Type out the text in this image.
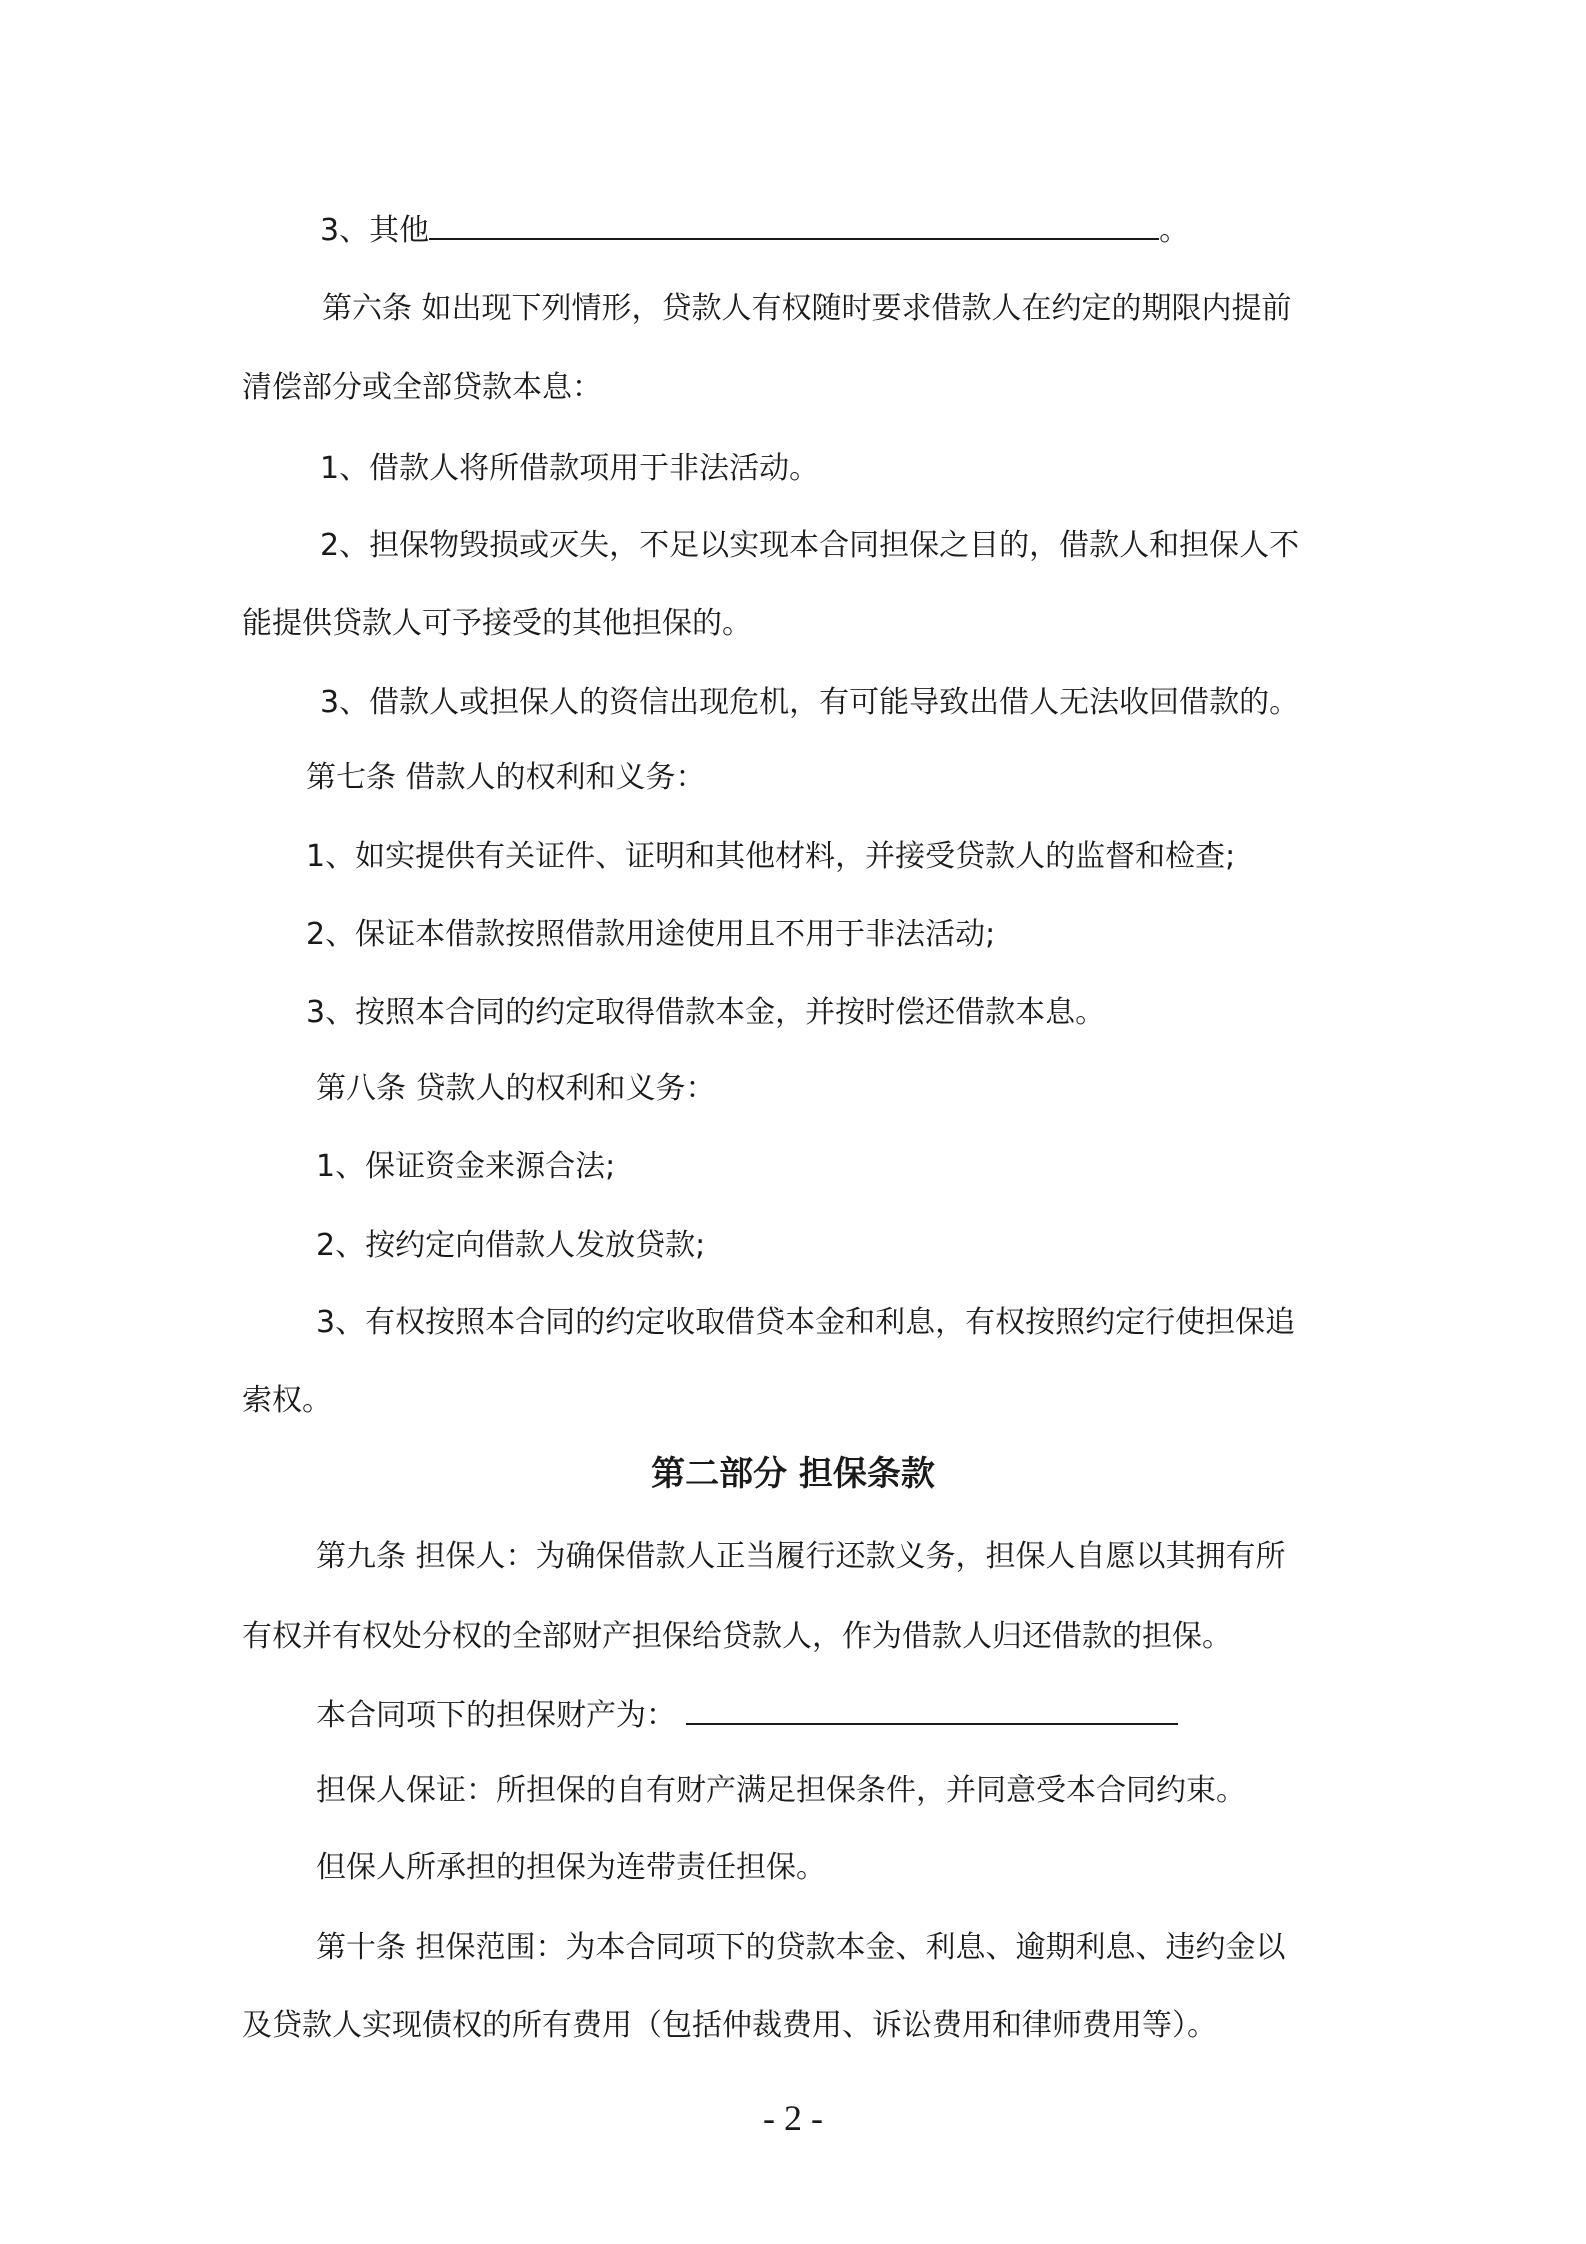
3、其他	。
第六条 如出现下列情形，贷款人有权随时要求借款人在约定的期限内提前
清偿部分或全部贷款本息：
1、借款人将所借款项用于非法活动。
2、担保物毁损或灭失，不足以实现本合同担保之目的，借款人和担保人不
能提供贷款人可予接受的其他担保的。
3、借款人或担保人的资信出现危机，有可能导致出借人无法收回借款的。
第七条 借款人的权利和义务：
1、如实提供有关证件、证明和其他材料，并接受贷款人的监督和检查;
2、保证本借款按照借款用途使用且不用于非法活动;
3、按照本合同的约定取得借款本金，并按时偿还借款本息。
第八条 贷款人的权利和义务：
1、保证资金来源合法;
2、按约定向借款人发放贷款;
3、有权按照本合同的约定收取借贷本金和利息，有权按照约定行使担保追
索权。
第二部分 担保条款
第九条 担保人：为确保借款人正当履行还款义务，担保人自愿以其拥有所
有权并有权处分权的全部财产担保给贷款人，作为借款人归还借款的担保。
本合同项下的担保财产为：
担保人保证：所担保的自有财产满足担保条件，并同意受本合同约束。
但保人所承担的担保为连带责任担保。
第十条 担保范围：为本合同项下的贷款本金、利息、逾期利息、违约金以
及贷款人实现债权的所有费用（包括仲裁费用、诉讼费用和律师费用等）。
- 2 -
